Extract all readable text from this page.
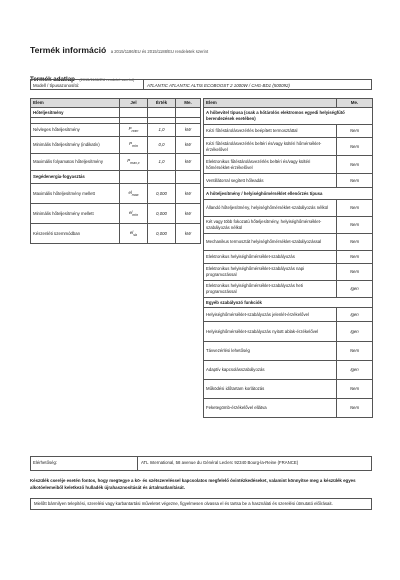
Termék információ a 2015/1186/EU és 2015/1188/EU rendeletek szerint
Termék adatlap (2015/1186/EU rendelet szerint)
Modell / típusazonosító:	ATLANTIC ATLANTIC ALTIS ECOBOOST 2 1000W / CHG-BD1 (500092)
Elem	Jel	Érték	Me.
Hőteljesítmény			

Névleges hőteljesítmény	$P_{nom}$	1,0	kW
Minimális hőteljesítmény (indikatív)	$P_{min}$	0,0	kW
Maximális folyamatos hőteljesítmény	$P_{max,c}$	1,0	kW
Segédenergia-fogyasztás			
Maximális hőteljesítmény mellett	$el_{max}$	0,000	kW
Minimális hőteljesítmény mellett	$el_{min}$	0,000	kW
Készenléti üzemmódban	$el_{sb}$	0,000	kW
Elem	Me.
A hőbevitel típusa (csak a hőtárolós elektromos egyedi helyiségfűtő berendezések esetében)	
Kézi főtéstárolásvezérlés beépített termosztáttal	Nem
Kézi fűtéstárolásvezérlés beltéri és/vagy kültéri hőmérséklet-érzékelővel	Nem
Elektronikus fűtéstárolásvezérlés beltéri és/vagy kültéri hőmérséklet-érzékelővel	Nem
Ventillátorral segített hőleadás	Nem
A hőteljesítmény / helyiséghőmérséklet ellenőrzés típusa	
Állandó hőteljesítmény, helyiséghőmérséklet-szabályozás nélkül	Nem
Két vagy több fokozatú hőteljesítmény, helyiséghőmérséklet-szabályozás nélkül	Nem
Mechanikus termosztát helyiséghőmérséklet-szabályozással	Nem
Elektronikus helyiséghőmérséklet-szabályozás	Nem
Elektronikus helyiséghőmérséklet-szabályozás napi programozással	Nem
Elektronikus helyiséghőmérséklet-szabályozás heti programozással	Igen
Egyéb szabályozó funkciók	
Helyiséghőmérséklet-szabályozás jelenlét-érzékelővel	Igen
Helyiséghőmérséklet-szabályozás nyitott ablak-érzékelővel	Igen
Távvezérlési lehetőség	Nem
Adaptív kapcsolásszabályozás	Igen
Működési időtartam korlátozás	Nem
Feketegömb-érzékelővel ellátva	Nem
Elérhetőség:	ATL International, 58 avenue du Général Leclerc 92340 Bourg-la-Reine (FRANCE)
Készülék cseréje esetén fontos, hogy megtegye a kö- és szétszereléssel kapcsolatos megfelelő óvintézkedéseket, valamint könnyítse meg a készülék egyes alkotóelemeiből keletkező hulladék újrahasznosítását és ártalmatlanítását.
Mielőtt bármilyen telepítési, szerelési vagy karbantartási műveletet végezne, figyelmesen olvassa el és tartsa be a használati és szerelési útmutató előírásait.
